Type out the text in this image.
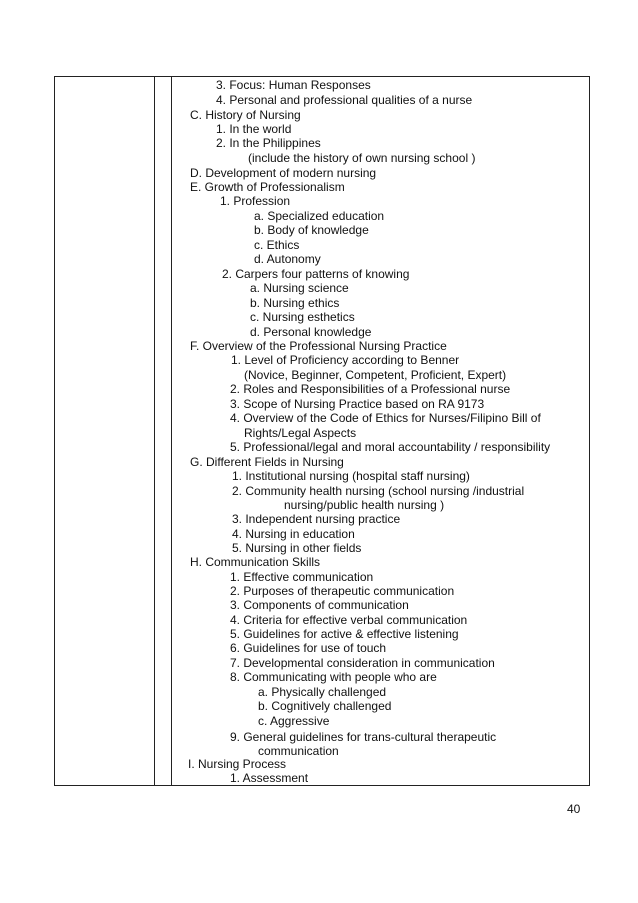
3. Focus: Human Responses
4. Personal and professional qualities of a nurse
C. History of Nursing
1. In the world
2. In the Philippines
(include the history of own nursing school )
D. Development of modern nursing
E. Growth of Professionalism
1. Profession
a. Specialized education
b. Body of knowledge
c. Ethics
d. Autonomy
2. Carpers four patterns of knowing
a. Nursing science
b. Nursing ethics
c. Nursing esthetics
d. Personal knowledge
F. Overview of the Professional Nursing Practice
1. Level of Proficiency according to Benner
(Novice, Beginner, Competent, Proficient, Expert)
2. Roles and Responsibilities of a Professional nurse
3. Scope of Nursing Practice based on RA 9173
4. Overview of the Code of Ethics for Nurses/Filipino Bill of
Rights/Legal Aspects
5. Professional/legal and moral accountability / responsibility
G. Different Fields in Nursing
1. Institutional nursing (hospital staff nursing)
2. Community health nursing (school nursing /industrial
nursing/public health nursing )
3. Independent nursing practice
4. Nursing in education
5. Nursing in other fields
H. Communication Skills
1. Effective communication
2. Purposes of therapeutic communication
3. Components of communication
4. Criteria for effective verbal communication
5. Guidelines for active & effective listening
6. Guidelines for use of touch
7. Developmental consideration in communication
8. Communicating with people who are
a. Physically challenged
b. Cognitively challenged
c. Aggressive
9. General guidelines for trans-cultural therapeutic
communication
I. Nursing Process
1. Assessment
40
